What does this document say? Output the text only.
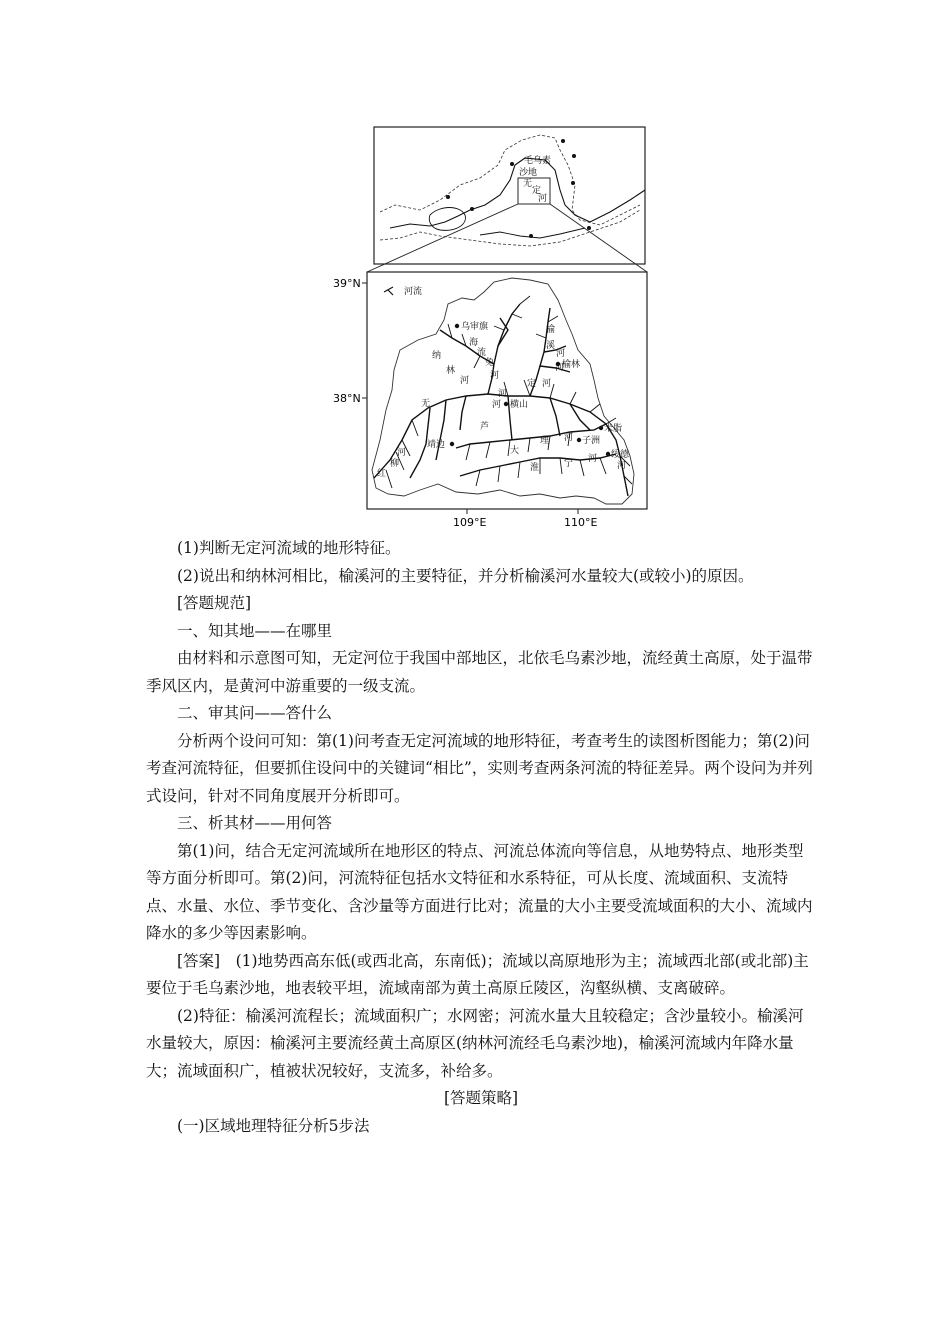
毛乌素
沙地
无
定
河
39°N
38°N
109°E	110°E
河流
乌审旗
榆林
横山
靖边
米脂
子洲
绥德
海
流
兔
河
纳
林
河
榆
溪
河
无
定
河
芦
河	大
理 河
淮	宁 河
红
柳	河
河
河
河

(1)判断无定河流域的地形特征。

(2)说出和纳林河相比，榆溪河的主要特征，并分析榆溪河水量较大(或较小)的原因。

[答题规范]

一、知其地——在哪里

由材料和示意图可知，无定河位于我国中部地区，北依毛乌素沙地，流经黄土高原，处于温带季风区内，是黄河中游重要的一级支流。

二、审其问——答什么

分析两个设问可知：第(1)问考查无定河流域的地形特征，考查考生的读图析图能力；第(2)问考查河流特征，但要抓住设问中的关键词“相比”，实则考查两条河流的特征差异。两个设问为并列式设问，针对不同角度展开分析即可。

三、析其材——用何答

第(1)问，结合无定河流域所在地形区的特点、河流总体流向等信息，从地势特点、地形类型等方面分析即可。第(2)问，河流特征包括水文特征和水系特征，可从长度、流域面积、支流特点、水量、水位、季节变化、含沙量等方面进行比对；流量的大小主要受流域面积的大小、流域内降水的多少等因素影响。

[答案]　(1)地势西高东低(或西北高，东南低)；流域以高原地形为主；流域西北部(或北部)主要位于毛乌素沙地，地表较平坦，流域南部为黄土高原丘陵区，沟壑纵横、支离破碎。

(2)特征：榆溪河流程长；流域面积广；水网密；河流水量大且较稳定；含沙量较小。榆溪河水量较大，原因：榆溪河主要流经黄土高原区(纳林河流经毛乌素沙地)，榆溪河流域内年降水量大；流域面积广，植被状况较好，支流多，补给多。

[答题策略]

(一)区域地理特征分析5步法
